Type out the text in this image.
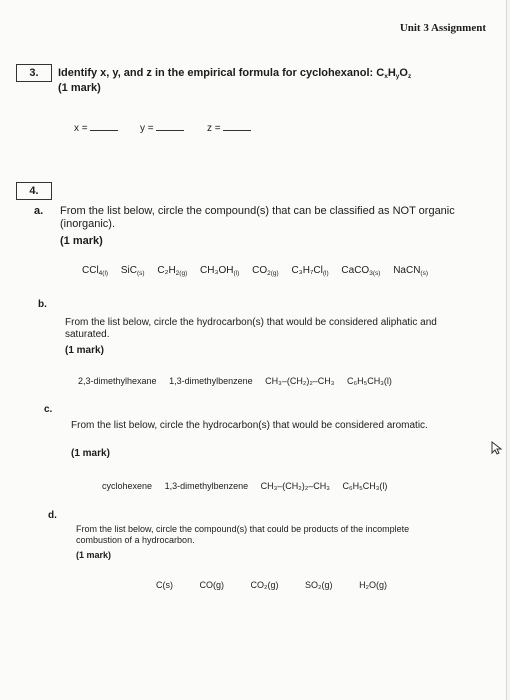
Unit 3 Assignment
3.	Identify x, y, and z in the empirical formula for cyclohexanol: $C_xH_yO_z$
(1 mark)
x =	y =	z =
4.
a. From the list below, circle the compound(s) that can be classified as NOT organic (inorganic).
(1 mark)
CCl$_{4(l)}$ SiC$_{(s)}$ $C_2H_{2(g)}$ $CH_3OH_{(l)}$ $CO_{2(g)}$ $C_3H_7Cl_{(l)}$ CaCO$_{3(s)}$ NaCN$_{(s)}$
b.
From the list below, circle the hydrocarbon(s) that would be considered aliphatic and saturated.
(1 mark)
2,3-dimethylhexane 1,3-dimethylbenzene CH₃–(CH₂)₂–CH₃ C₆H₅CH₃(l)
c.
From the list below, circle the hydrocarbon(s) that would be considered aromatic.
(1 mark)
cyclohexene 1,3-dimethylbenzene CH₃–(CH₂)₂–CH₃ C₆H₅CH₃(l)
d.
From the list below, circle the compound(s) that could be products of the incomplete combustion of a hydrocarbon.
(1 mark)
C(s)	CO(g)	CO₂(g)	SO₂(g)	H₂O(g)
